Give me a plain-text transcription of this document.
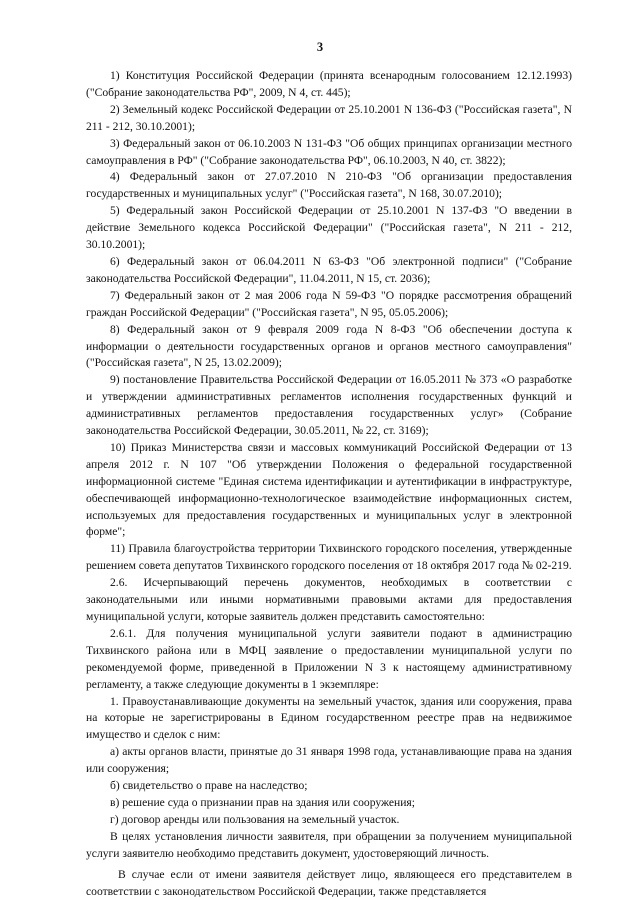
3

1) Конституция Российской Федерации (принята всенародным голосованием 12.12.1993) ("Собрание законодательства РФ", 2009, N 4, ст. 445);

2) Земельный кодекс Российской Федерации от 25.10.2001 N 136-ФЗ ("Российская газета", N 211 - 212, 30.10.2001);

3) Федеральный закон от 06.10.2003 N 131-ФЗ "Об общих принципах организации местного самоуправления в РФ" ("Собрание законодательства РФ", 06.10.2003, N 40, ст. 3822);

4) Федеральный закон от 27.07.2010 N 210-ФЗ "Об организации предоставления государственных и муниципальных услуг" ("Российская газета", N 168, 30.07.2010);

5) Федеральный закон Российской Федерации от 25.10.2001 N 137-ФЗ "О введении в действие Земельного кодекса Российской Федерации" ("Российская газета", N 211 - 212, 30.10.2001);

6) Федеральный закон от 06.04.2011 N 63-ФЗ "Об электронной подписи" ("Собрание законодательства Российской Федерации", 11.04.2011, N 15, ст. 2036);

7) Федеральный закон от 2 мая 2006 года N 59-ФЗ "О порядке рассмотрения обращений граждан Российской Федерации" ("Российская газета", N 95, 05.05.2006);

8) Федеральный закон от 9 февраля 2009 года N 8-ФЗ "Об обеспечении доступа к информации о деятельности государственных органов и органов местного самоуправления" ("Российская газета", N 25, 13.02.2009);

9) постановление Правительства Российской Федерации от 16.05.2011 № 373 «О разработке и утверждении административных регламентов исполнения государственных функций и административных регламентов предоставления государственных услуг» (Собрание законодательства Российской Федерации, 30.05.2011, № 22, ст. 3169);

10) Приказ Министерства связи и массовых коммуникаций Российской Федерации от 13 апреля 2012 г. N 107 "Об утверждении Положения о федеральной государственной информационной системе "Единая система идентификации и аутентификации в инфраструктуре, обеспечивающей информационно-технологическое взаимодействие информационных систем, используемых для предоставления государственных и муниципальных услуг в электронной форме";

11) Правила благоустройства территории Тихвинского городского поселения, утвержденные решением совета депутатов Тихвинского городского поселения от 18 октября 2017 года № 02-219.

2.6. Исчерпывающий перечень документов, необходимых в соответствии с законодательными или иными нормативными правовыми актами для предоставления муниципальной услуги, которые заявитель должен представить самостоятельно:

2.6.1. Для получения муниципальной услуги заявители подают в администрацию Тихвинского района или в МФЦ заявление о предоставлении муниципальной услуги по рекомендуемой форме, приведенной в Приложении N 3 к настоящему административному регламенту, а также следующие документы в 1 экземпляре:

1. Правоустанавливающие документы на земельный участок, здания или сооружения, права на которые не зарегистрированы в Едином государственном реестре прав на недвижимое имущество и сделок с ним:

а) акты органов власти, принятые до 31 января 1998 года, устанавливающие права на здания или сооружения;

б) свидетельство о праве на наследство;

в) решение суда о признании прав на здания или сооружения;

г) договор аренды или пользования на земельный участок.

В целях установления личности заявителя, при обращении за получением муниципальной услуги заявителю необходимо представить документ, удостоверяющий личность.

В случае если от имени заявителя действует лицо, являющееся его представителем в соответствии с законодательством Российской Федерации, также представляется
